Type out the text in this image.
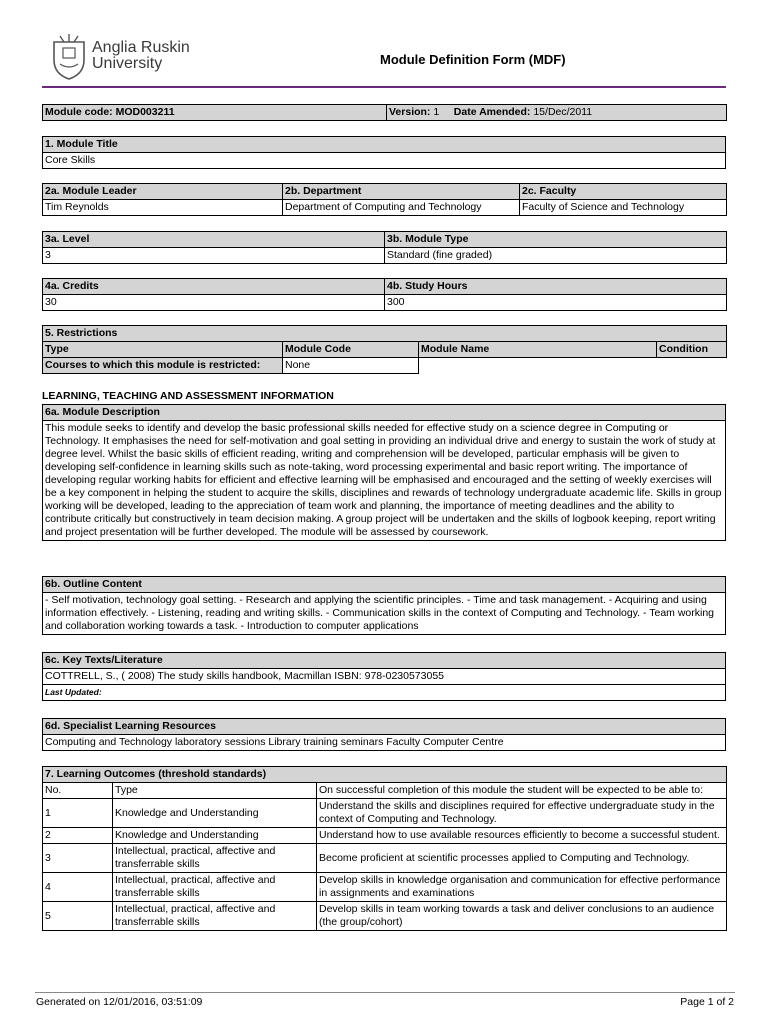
Anglia Ruskin
University	Module Definition Form (MDF)
Module code: MOD003211	Version: 1 Date Amended: 15/Dec/2011
1. Module Title
Core Skills
2a. Module Leader	2b. Department	2c. Faculty
Tim Reynolds	Department of Computing and Technology	Faculty of Science and Technology
3a. Level	3b. Module Type
3	Standard (fine graded)
4a. Credits	4b. Study Hours
30	300
5. Restrictions			
Type	Module Code	Module Name	Condition
Courses to which this module is restricted:	None		
LEARNING, TEACHING AND ASSESSMENT INFORMATION
6a. Module Description
This module seeks to identify and develop the basic professional skills needed for effective study on a science degree in Computing or Technology. It emphasises the need for self-motivation and goal setting in providing an individual drive and energy to sustain the work of study at degree level. Whilst the basic skills of efficient reading, writing and comprehension will be developed, particular emphasis will be given to developing self-confidence in learning skills such as note-taking, word processing experimental and basic report writing. The importance of developing regular working habits for efficient and effective learning will be emphasised and encouraged and the setting of weekly exercises will be a key component in helping the student to acquire the skills, disciplines and rewards of technology undergraduate academic life. Skills in group working will be developed, leading to the appreciation of team work and planning, the importance of meeting deadlines and the ability to contribute critically but constructively in team decision making. A group project will be undertaken and the skills of logbook keeping, report writing and project presentation will be further developed. The module will be assessed by coursework.
6b. Outline Content
- Self motivation, technology goal setting. - Research and applying the scientific principles. - Time and task management. - Acquiring and using information effectively. - Listening, reading and writing skills. - Communication skills in the context of Computing and Technology. - Team working and collaboration working towards a task. - Introduction to computer applications
6c. Key Texts/Literature
COTTRELL, S., ( 2008) The study skills handbook, Macmillan ISBN: 978-0230573055
Last Updated:
6d. Specialist Learning Resources
Computing and Technology laboratory sessions Library training seminars Faculty Computer Centre
7. Learning Outcomes (threshold standards)		
No.	Type	On successful completion of this module the student will be expected to be able to:
1	Knowledge and Understanding	Understand the skills and disciplines required for effective undergraduate study in the context of Computing and Technology.
2	Knowledge and Understanding	Understand how to use available resources efficiently to become a successful student.
3	Intellectual, practical, affective and transferrable skills	Become proficient at scientific processes applied to Computing and Technology.
4	Intellectual, practical, affective and transferrable skills	Develop skills in knowledge organisation and communication for effective performance in assignments and examinations
5	Intellectual, practical, affective and transferrable skills	Develop skills in team working towards a task and deliver conclusions to an audience (the group/cohort)
Generated on 12/01/2016, 03:51:09	Page 1 of 2
